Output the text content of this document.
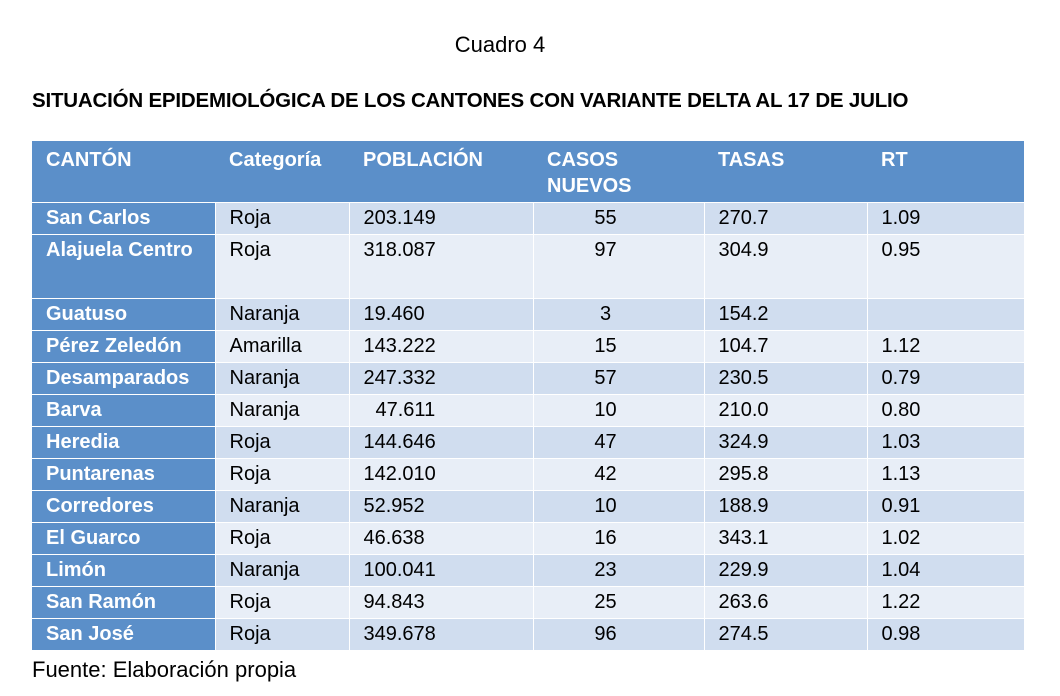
Cuadro 4
SITUACIÓN EPIDEMIOLÓGICA DE LOS CANTONES CON VARIANTE DELTA AL 17 DE JULIO
CANTÓN	Categoría	POBLACIÓN	CASOS NUEVOS	TASAS	RT
San Carlos	Roja	203.149	55	270.7	1.09
Alajuela Centro	Roja	318.087	97	304.9	0.95
Guatuso	Naranja	19.460	3	154.2	
Pérez Zeledón	Amarilla	143.222	15	104.7	1.12
Desamparados	Naranja	247.332	57	230.5	0.79
Barva	Naranja	47.611	10	210.0	0.80
Heredia	Roja	144.646	47	324.9	1.03
Puntarenas	Roja	142.010	42	295.8	1.13
Corredores	Naranja	52.952	10	188.9	0.91
El Guarco	Roja	46.638	16	343.1	1.02
Limón	Naranja	100.041	23	229.9	1.04
San Ramón	Roja	94.843	25	263.6	1.22
San José	Roja	349.678	96	274.5	0.98
Fuente: Elaboración propia
